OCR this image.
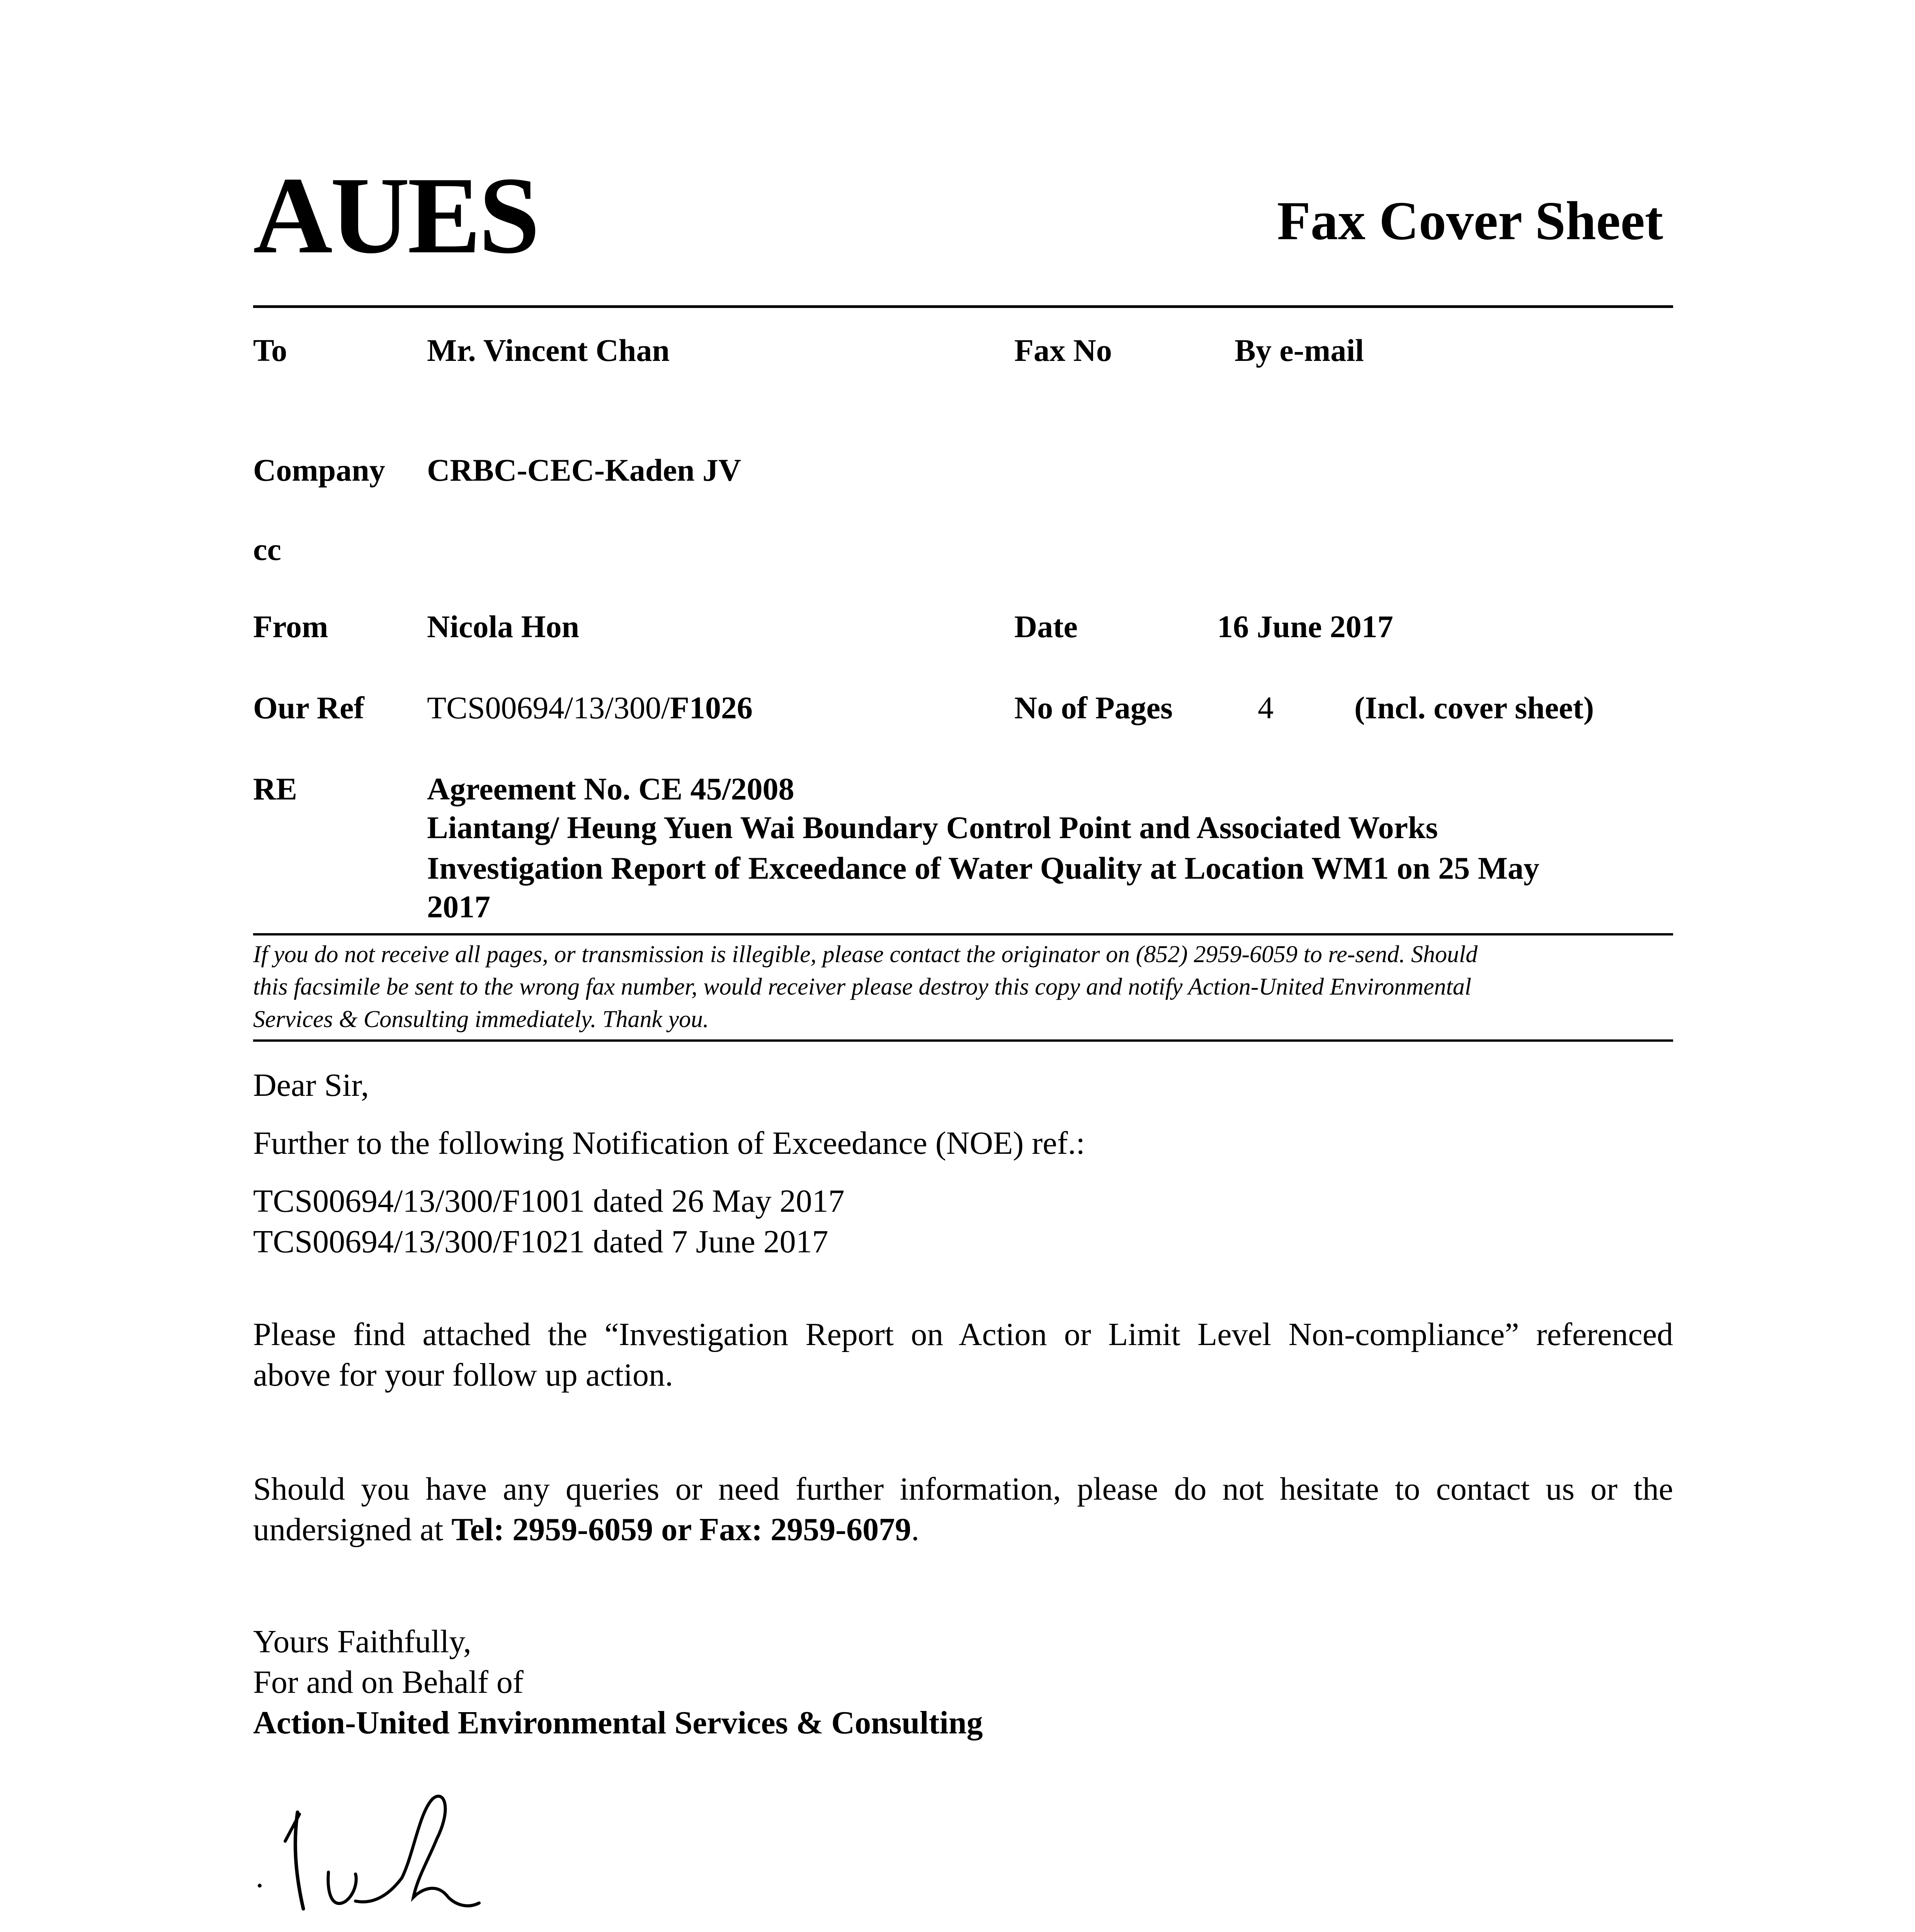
AUES	Fax Cover Sheet
To	Mr. Vincent Chan	Fax No	By e-mail
Company CRBC-CEC-Kaden JV
cc
From	Nicola Hon	Date	16 June 2017
Our Ref TCS00694/13/300/F1026	No of Pages	4	(Incl. cover sheet)
RE	Agreement No. CE 45/2008
Liantang/ Heung Yuen Wai Boundary Control Point and Associated Works
Investigation Report of Exceedance of Water Quality at Location WM1 on 25 May
2017
If you do not receive all pages, or transmission is illegible, please contact the originator on (852) 2959-6059 to re-send. Should
this facsimile be sent to the wrong fax number, would receiver please destroy this copy and notify Action-United Environmental
Services & Consulting immediately. Thank you.
Dear Sir,
Further to the following Notification of Exceedance (NOE) ref.:
TCS00694/13/300/F1001 dated 26 May 2017
TCS00694/13/300/F1021 dated 7 June 2017
Please find attached the “Investigation Report on Action or Limit Level Non-compliance” referenced
above for your follow up action.
Should you have any queries or need further information, please do not hesitate to contact us or the
undersigned at Tel: 2959-6059 or Fax: 2959-6079.
Yours Faithfully,
For and on Behalf of
Action-United Environmental Services & Consulting
